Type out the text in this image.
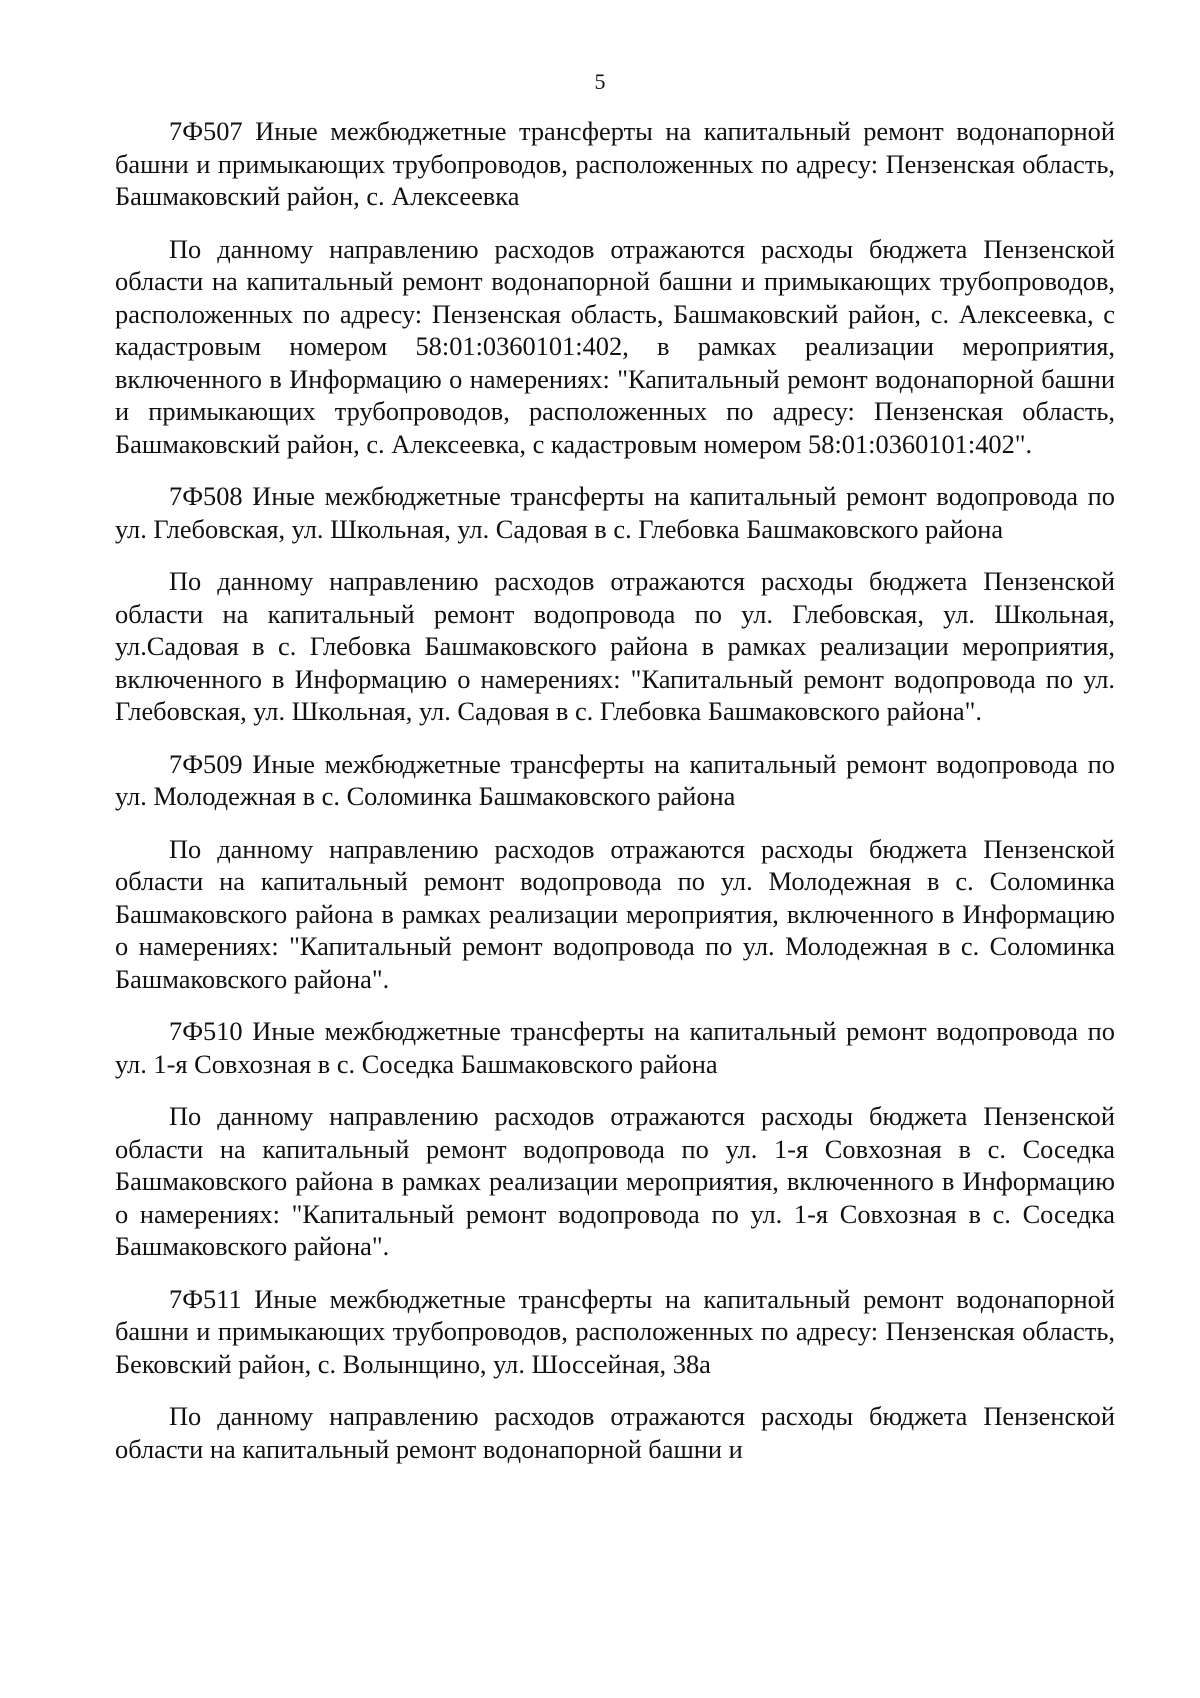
5

7Ф507 Иные межбюджетные трансферты на капитальный ремонт водонапорной башни и примыкающих трубопроводов, расположенных по адресу: Пензенская область, Башмаковский район, с. Алексеевка

По данному направлению расходов отражаются расходы бюджета Пензенской области на капитальный ремонт водонапорной башни и примыкающих трубопроводов, расположенных по адресу: Пензенская область, Башмаковский район, с. Алексеевка, с кадастровым номером 58:01:0360101:402, в рамках реализации мероприятия, включенного в Информацию о намерениях: "Капитальный ремонт водонапорной башни и примыкающих трубопроводов, расположенных по адресу: Пензенская область, Башмаковский район, с. Алексеевка, с кадастровым номером 58:01:0360101:402".

7Ф508 Иные межбюджетные трансферты на капитальный ремонт водопровода по ул. Глебовская, ул. Школьная, ул. Садовая в с. Глебовка Башмаковского района

По данному направлению расходов отражаются расходы бюджета Пензенской области на капитальный ремонт водопровода по ул. Глебовская, ул. Школьная, ул.Садовая в с. Глебовка Башмаковского района в рамках реализации мероприятия, включенного в Информацию о намерениях: "Капитальный ремонт водопровода по ул. Глебовская, ул. Школьная, ул. Садовая в с. Глебовка Башмаковского района".

7Ф509 Иные межбюджетные трансферты на капитальный ремонт водопровода по ул. Молодежная в с. Соломинка Башмаковского района

По данному направлению расходов отражаются расходы бюджета Пензенской области на капитальный ремонт водопровода по ул. Молодежная в с. Соломинка Башмаковского района в рамках реализации мероприятия, включенного в Информацию о намерениях: "Капитальный ремонт водопровода по ул. Молодежная в с. Соломинка Башмаковского района".

7Ф510 Иные межбюджетные трансферты на капитальный ремонт водопровода по ул. 1-я Совхозная в с. Соседка Башмаковского района

По данному направлению расходов отражаются расходы бюджета Пензенской области на капитальный ремонт водопровода по ул. 1-я Совхозная в с. Соседка Башмаковского района в рамках реализации мероприятия, включенного в Информацию о намерениях: "Капитальный ремонт водопровода по ул. 1-я Совхозная в с. Соседка Башмаковского района".

7Ф511 Иные межбюджетные трансферты на капитальный ремонт водонапорной башни и примыкающих трубопроводов, расположенных по адресу: Пензенская область, Бековский район, с. Волынщино, ул. Шоссейная, 38а

По данному направлению расходов отражаются расходы бюджета Пензенской области на капитальный ремонт водонапорной башни и
